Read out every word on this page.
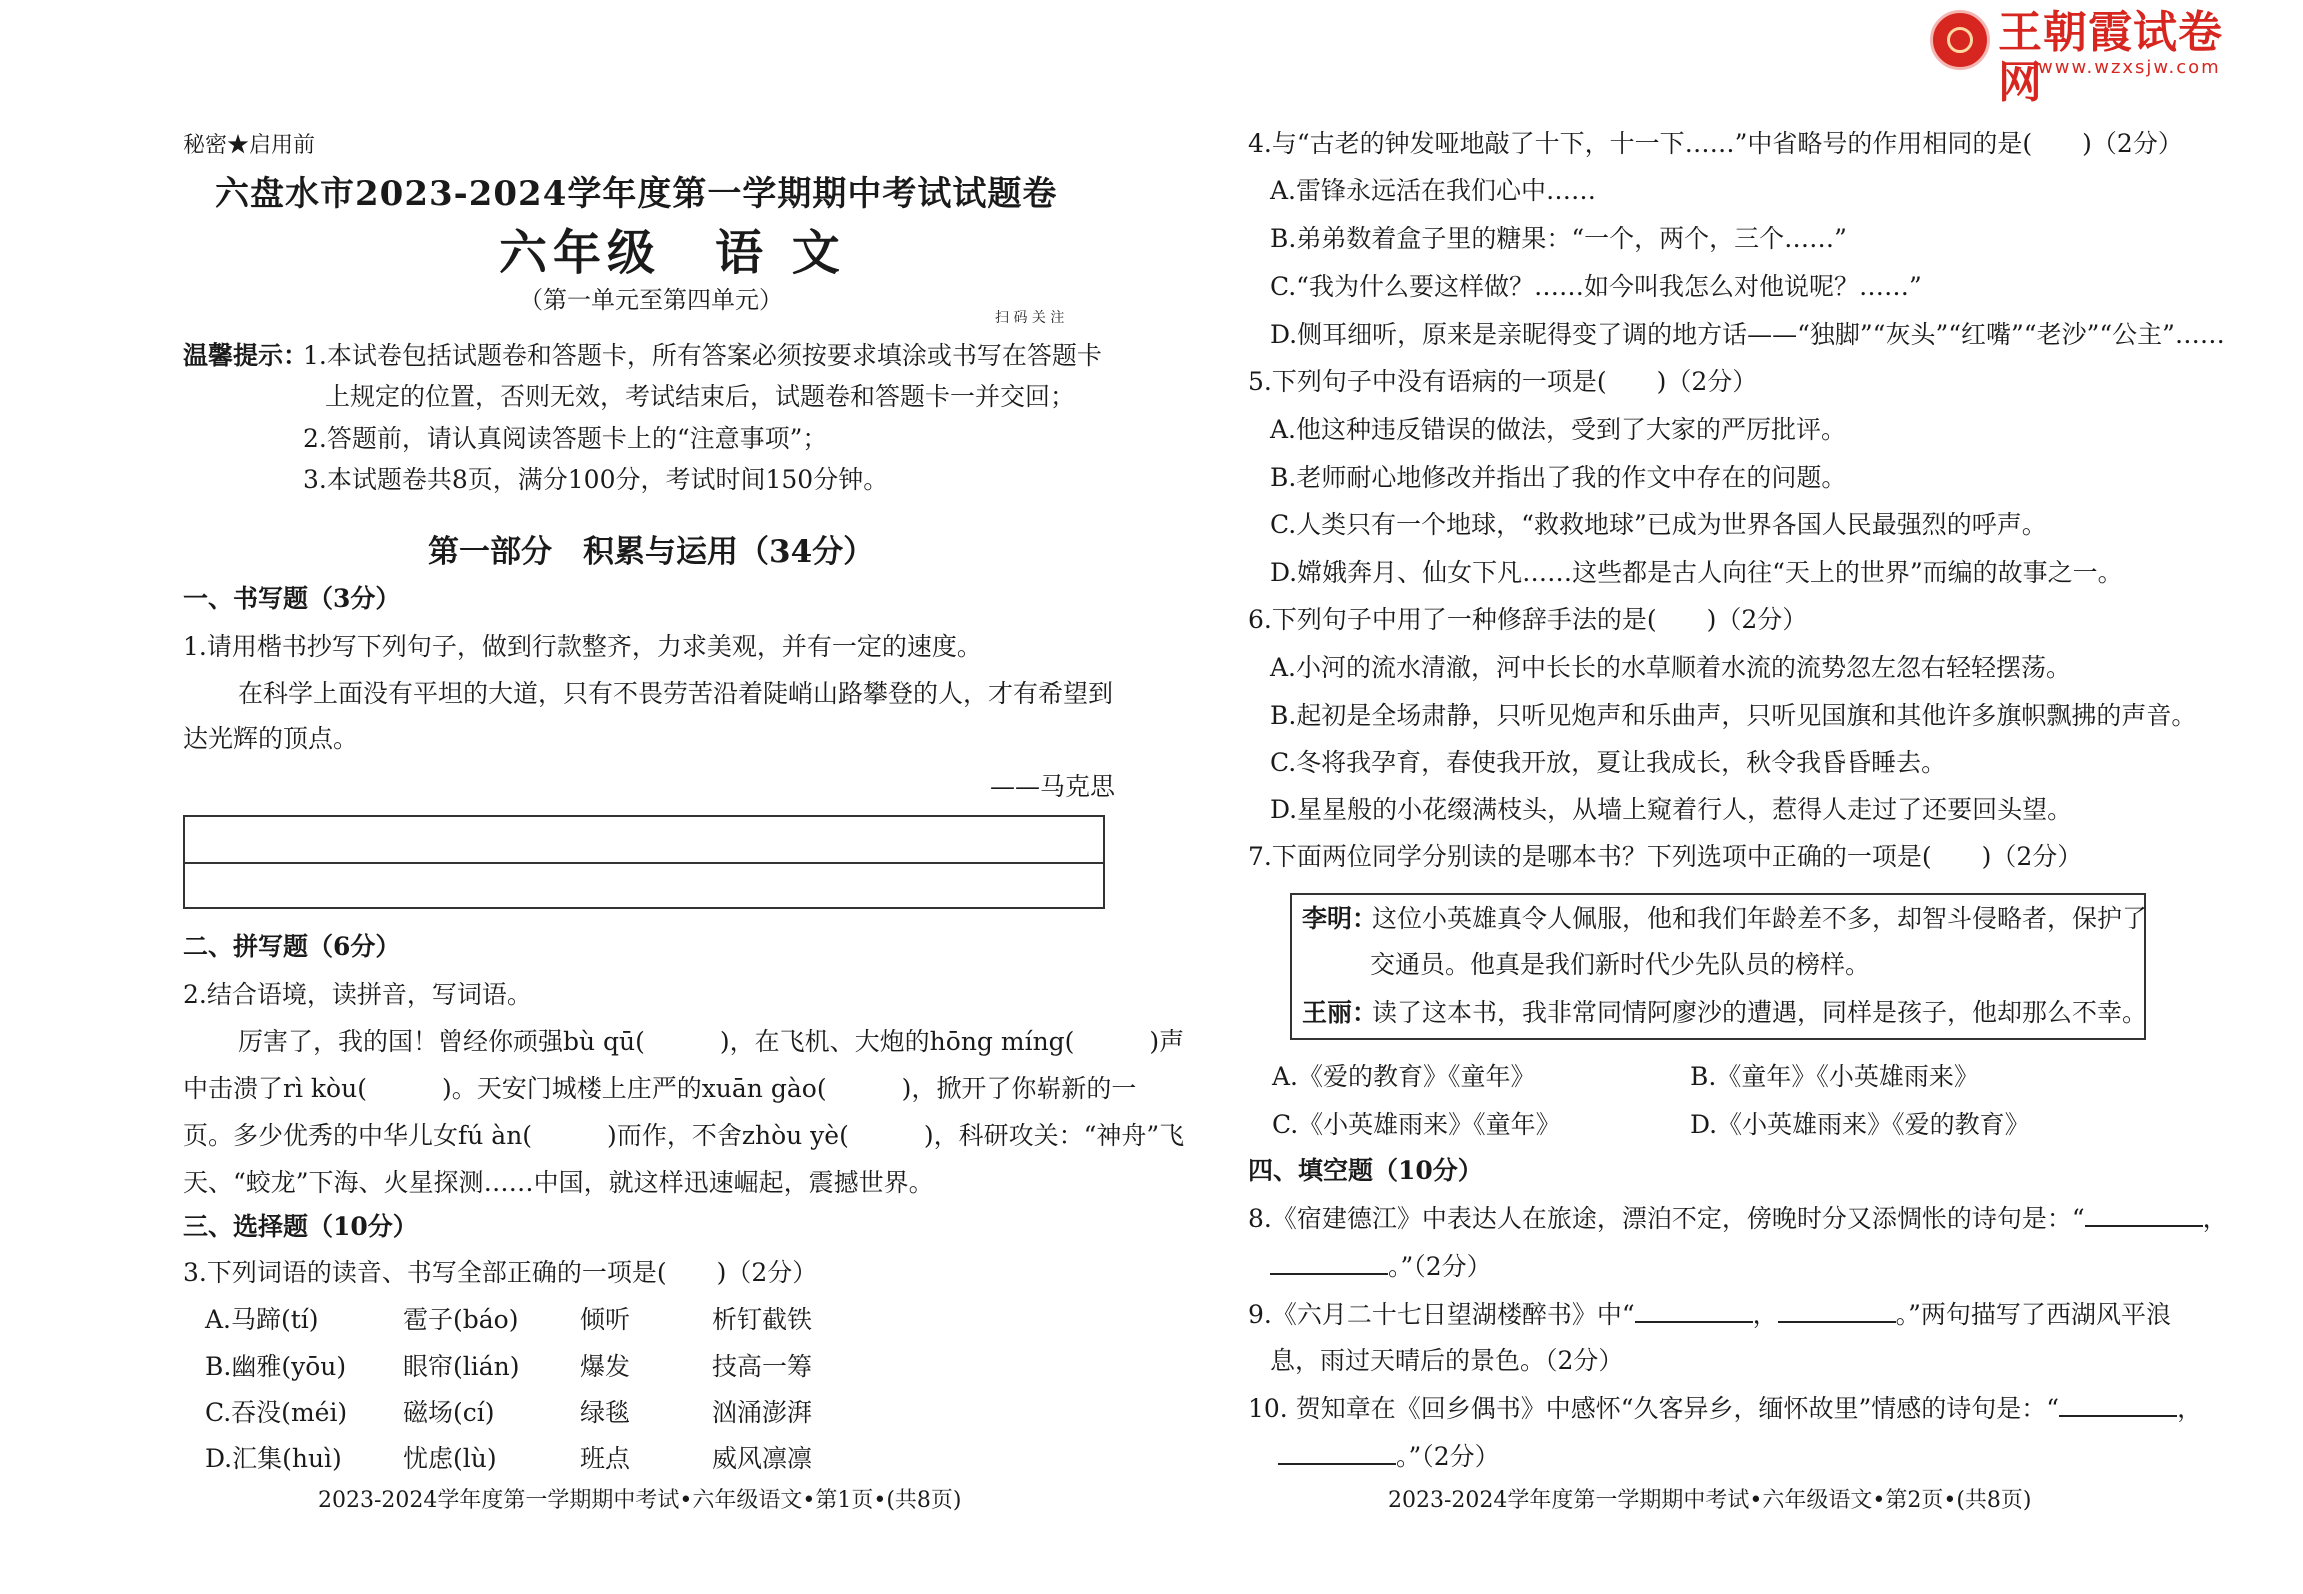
王朝霞试卷网
www.wzxsjw.com
秘密★启用前
六盘水市2023-2024学年度第一学期期中考试试题卷
六年级　语 文
（第一单元至第四单元）
扫 码 关 注
温馨提示：
1.本试卷包括试题卷和答题卡，所有答案必须按要求填涂或书写在答题卡
上规定的位置，否则无效，考试结束后，试题卷和答题卡一并交回；
2.答题前，请认真阅读答题卡上的“注意事项”；
3.本试题卷共8页，满分100分，考试时间150分钟。
第一部分　积累与运用（34分）
一、书写题（3分）
1.请用楷书抄写下列句子，做到行款整齐，力求美观，并有一定的速度。
在科学上面没有平坦的大道，只有不畏劳苦沿着陡峭山路攀登的人，才有希望到
达光辉的顶点。
——马克思
二、拼写题（6分）
2.结合语境，读拼音，写词语。
厉害了，我的国！曾经你顽强bù qū(　　　)，在飞机、大炮的hōng míng(　　　)声
中击溃了rì kòu(　　　)。天安门城楼上庄严的xuān gào(　　　)，掀开了你崭新的一
页。多少优秀的中华儿女fú àn(　　　)而作，不舍zhòu yè(　　　)，科研攻关：“神舟”飞
天、“蛟龙”下海、火星探测……中国，就这样迅速崛起，震撼世界。
三、选择题（10分）
3.下列词语的读音、书写全部正确的一项是(　　)（2分）
A.马蹄(tí)	雹子(báo) 倾听	析钉截铁
B.幽雅(yōu) 眼帘(lián) 爆发	技高一筹
C.吞没(méi) 磁场(cí)	绿毯	汹涌澎湃
D.汇集(huì) 忧虑(lù)	班点	威风凛凛
2023-2024学年度第一学期期中考试•六年级语文•第1页•(共8页)
4.与“古老的钟发哑地敲了十下，十一下……”中省略号的作用相同的是(　　)（2分）
A.雷锋永远活在我们心中……
B.弟弟数着盒子里的糖果：“一个，两个，三个……”
C.“我为什么要这样做？……如今叫我怎么对他说呢？……”
D.侧耳细听，原来是亲昵得变了调的地方话——“独脚”“灰头”“红嘴”“老沙”“公主”……
5.下列句子中没有语病的一项是(　　)（2分）
A.他这种违反错误的做法，受到了大家的严厉批评。
B.老师耐心地修改并指出了我的作文中存在的问题。
C.人类只有一个地球，“救救地球”已成为世界各国人民最强烈的呼声。
D.嫦娥奔月、仙女下凡……这些都是古人向往“天上的世界”而编的故事之一。
6.下列句子中用了一种修辞手法的是(　　)（2分）
A.小河的流水清澈，河中长长的水草顺着水流的流势忽左忽右轻轻摆荡。
B.起初是全场肃静，只听见炮声和乐曲声，只听见国旗和其他许多旗帜飘拂的声音。
C.冬将我孕育，春使我开放，夏让我成长，秋令我昏昏睡去。
D.星星般的小花缀满枝头，从墙上窥着行人，惹得人走过了还要回头望。
7.下面两位同学分别读的是哪本书？下列选项中正确的一项是(　　)（2分）
李明：
这位小英雄真令人佩服，他和我们年龄差不多，却智斗侵略者，保护了
交通员。他真是我们新时代少先队员的榜样。
王丽：
读了这本书，我非常同情阿廖沙的遭遇，同样是孩子，他却那么不幸。
A.《爱的教育》《童年》	B.《童年》《小英雄雨来》
C.《小英雄雨来》《童年》	D.《小英雄雨来》《爱的教育》
四、填空题（10分）
8.《宿建德江》中表达人在旅途，漂泊不定，傍晚时分又添惆怅的诗句是：“	，
。”（2分）
9.《六月二十七日望湖楼醉书》中“	，	。”两句描写了西湖风平浪
息，雨过天晴后的景色。（2分）
10. 贺知章在《回乡偶书》中感怀“久客异乡，缅怀故里”情感的诗句是：“	，
。”（2分）
2023-2024学年度第一学期期中考试•六年级语文•第2页•(共8页)
